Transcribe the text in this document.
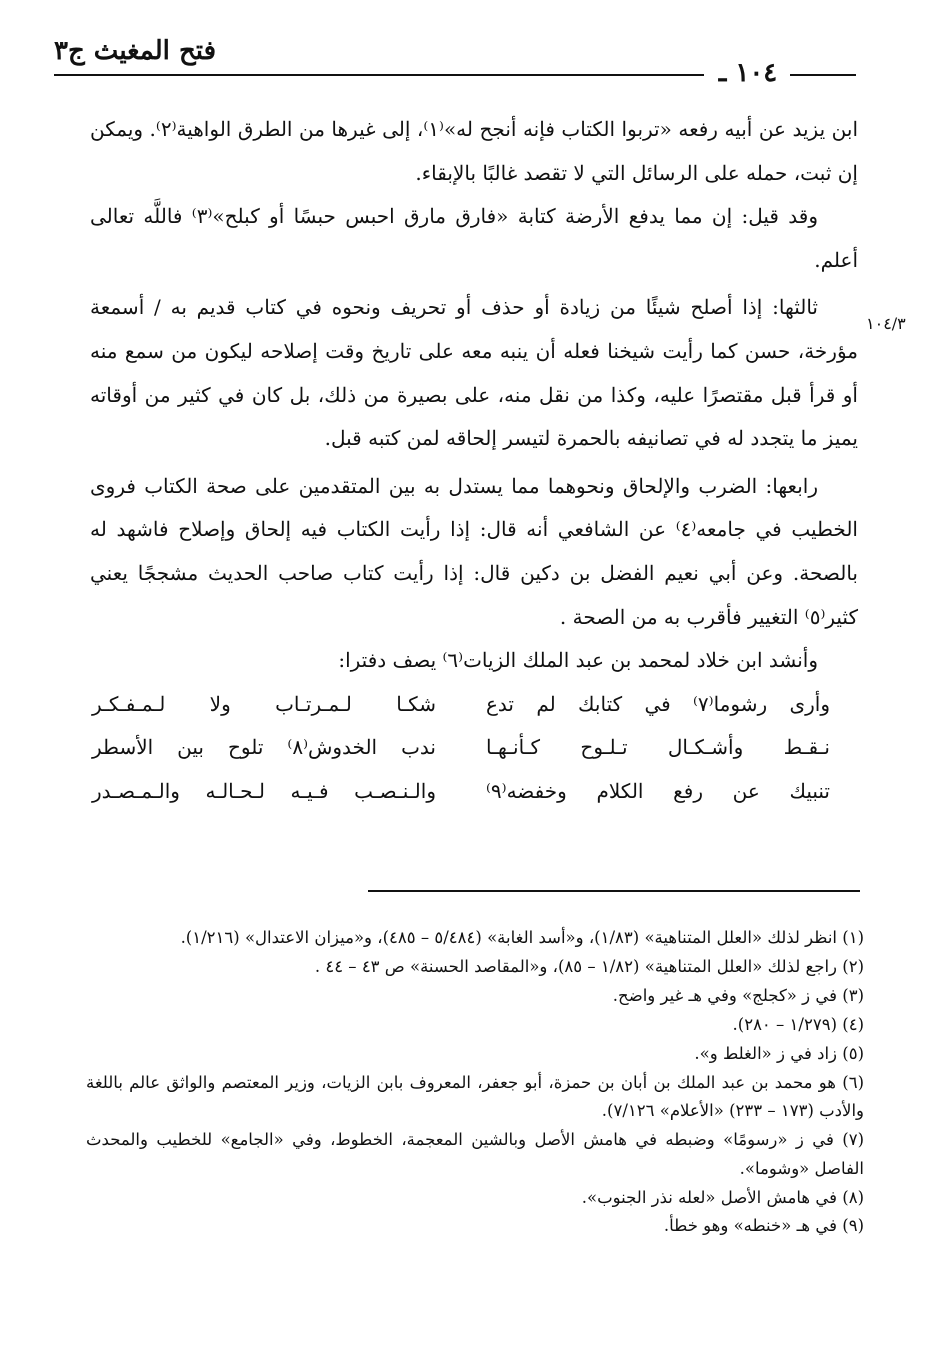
فتح المغيث ج٣
١٠٤ ـ
١٠٤/٣

ابن يزيد عن أبيه رفعه «تربوا الكتاب فإنه أنجح له»⁽١⁾، إلى غيرها من الطرق الواهية⁽٢⁾. ويمكن إن ثبت، حمله على الرسائل التي لا تقصد غالبًا بالإبقاء.

وقد قيل: إن مما يدفع الأرضة كتابة «فارق مارق احبس حبسًا أو كبلح»⁽٣⁾ فاللَّه تعالى أعلم.

ثالثها: إذا أصلح شيئًا من زيادة أو حذف أو تحريف ونحوه في كتاب قديم به / أسمعة مؤرخة، حسن كما رأيت شيخنا فعله أن ينبه معه على تاريخ وقت إصلاحه ليكون من سمع منه أو قرأ قبل مقتصرًا عليه، وكذا من نقل منه، على بصيرة من ذلك، بل كان في كثير من أوقاته يميز ما يتجدد له في تصانيفه بالحمرة لتيسر إلحاقه لمن كتبه قبل.

رابعها: الضرب والإلحاق ونحوهما مما يستدل به بين المتقدمين على صحة الكتاب فروى الخطيب في جامعه⁽٤⁾ عن الشافعي أنه قال: إذا رأيت الكتاب فيه إلحاق وإصلاح فاشهد له بالصحة. وعن أبي نعيم الفضل بن دكين قال: إذا رأيت كتاب صاحب الحديث مشججًا يعني كثير⁽٥⁾ التغيير فأقرب به من الصحة .

وأنشد ابن خلاد لمحمد بن عبد الملك الزيات⁽٦⁾ يصف دفترا:

وأرى رشوما⁽٧⁾ في كتابك لم تدع
شكـا لـمـرتـاب ولا لـمـفـكـر
نـقـط وأشـكـال تـلـوح كـأنـهـا
ندب الخدوش⁽٨⁾ تلوح بين الأسطر
تنبيك عن رفع الكلام وخفضه⁽٩⁾
والـنـصـب فـيـه لـحـالـه والـمـصـدر

(١) انظر لذلك «العلل المتناهية» (١/٨٣)، و«أسد الغابة» (٥/٤٨٤ – ٤٨٥)، و«ميزان الاعتدال» (١/٢١٦).

(٢) راجع لذلك «العلل المتناهية» (١/٨٢ – ٨٥)، و«المقاصد الحسنة» ص ٤٣ – ٤٤ .

(٣) في ز «كجلج» وفي هـ غير واضح.

(٤) (١/٢٧٩ – ٢٨٠).

(٥) زاد في ز «الغلط و».

(٦) هو محمد بن عبد الملك بن أبان بن حمزة، أبو جعفر، المعروف بابن الزيات، وزير المعتصم والواثق عالم باللغة والأدب (١٧٣ – ٢٣٣) «الأعلام» ٧/١٢٦).

(٧) في ز «رسومًا» وضبطه في هامش الأصل وبالشين المعجمة، الخطوط، وفي «الجامع» للخطيب والمحدث الفاصل «وشوما».

(٨) في هامش الأصل «لعله نذر الجنوب».

(٩) في هـ «خنطه» وهو خطأ.
